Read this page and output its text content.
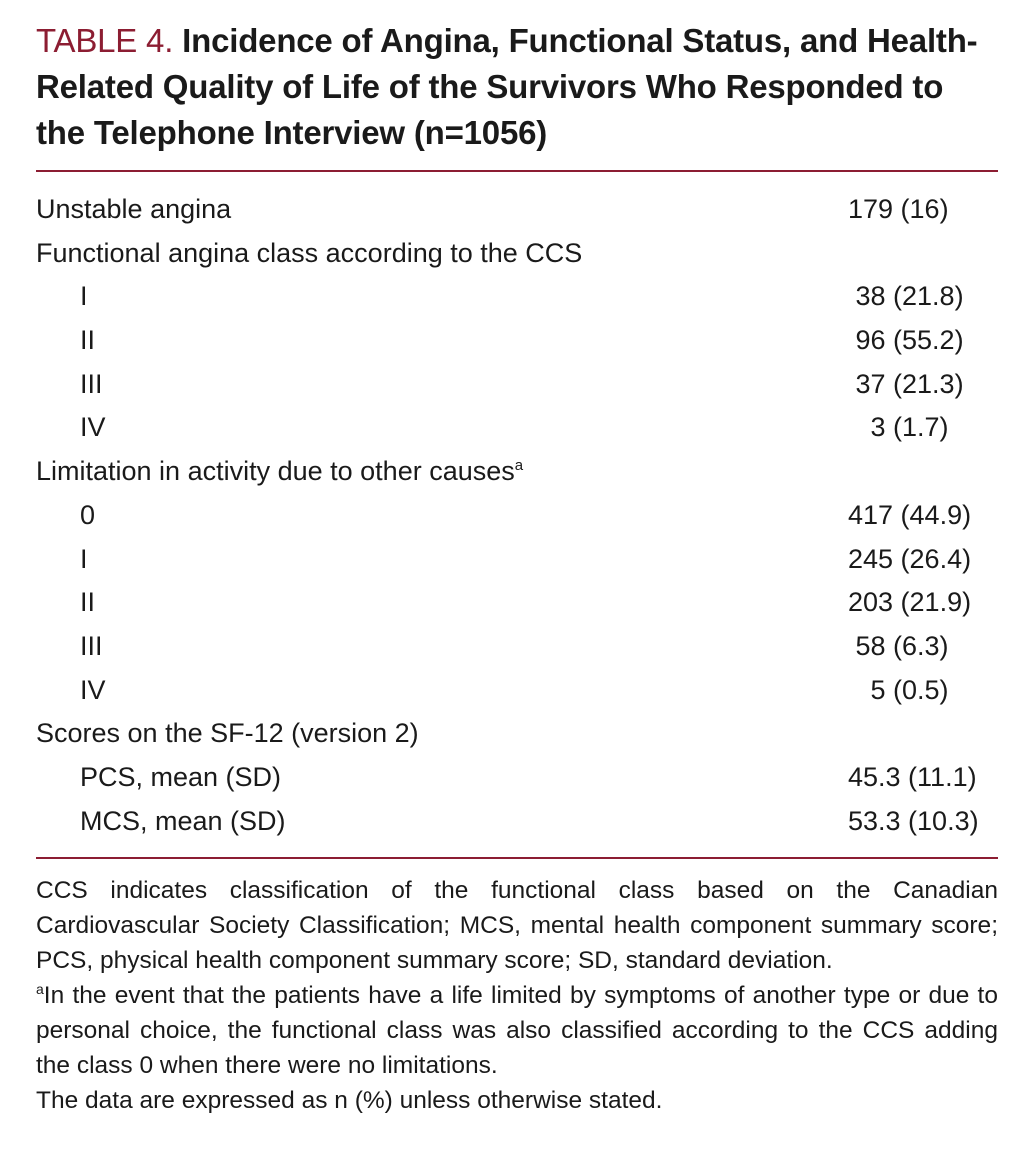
TABLE 4. Incidence of Angina, Functional Status, and Health-Related Quality of Life of the Survivors Who Responded to the Telephone Interview (n=1056)
Unstable angina	179 (16)
Functional angina class according to the CCS
I	38 (21.8)
II	96 (55.2)
III	37 (21.3)
IV	3 (1.7)
Limitation in activity due to other causes$^a$
0	417 (44.9)
I	245 (26.4)
II	203 (21.9)
III	58 (6.3)
IV	5 (0.5)
Scores on the SF-12 (version 2)
PCS, mean (SD)	45.3 (11.1)
MCS, mean (SD)	53.3 (10.3)

CCS indicates classification of the functional class based on the Canadian Cardiovascular Society Classification; MCS, mental health component summary score; PCS, physical health component summary score; SD, standard deviation.

$^a$In the event that the patients have a life limited by symptoms of another type or due to personal choice, the functional class was also classified according to the CCS adding the class 0 when there were no limitations.

The data are expressed as n (%) unless otherwise stated.
